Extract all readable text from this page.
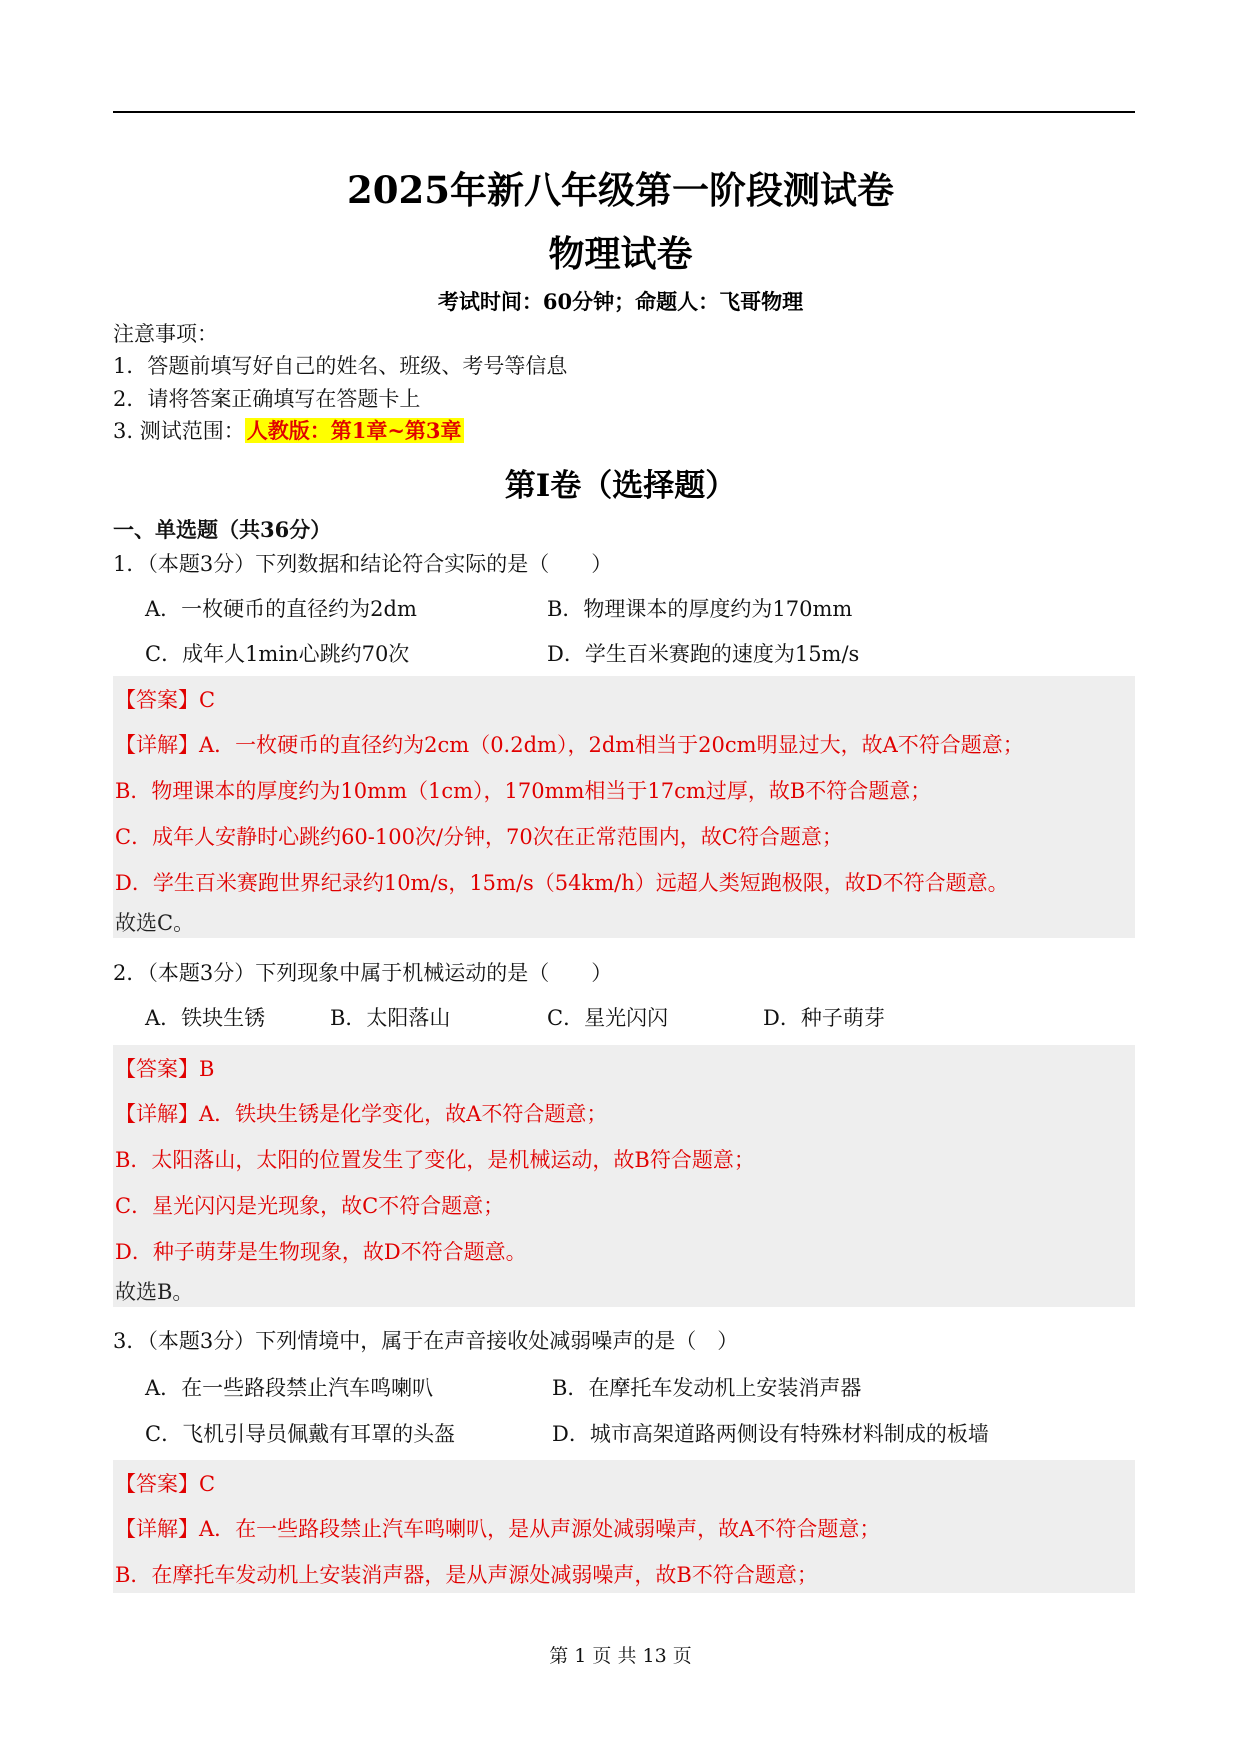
2025年新八年级第一阶段测试卷
物理试卷
考试时间：60分钟；命题人：飞哥物理
注意事项：
1．答题前填写好自己的姓名、班级、考号等信息
2．请将答案正确填写在答题卡上
3. 测试范围：人教版：第1章~第3章
第Ⅰ卷（选择题）
一、单选题（共36分）
1．（本题3分）下列数据和结论符合实际的是（　　）
A．一枚硬币的直径约为2dm	B．物理课本的厚度约为170mm
C．成年人1min心跳约70次	D．学生百米赛跑的速度为15m/s
【答案】C
【详解】A．一枚硬币的直径约为2cm（0.2dm），2dm相当于20cm明显过大，故A不符合题意；
B．物理课本的厚度约为10mm（1cm），170mm相当于17cm过厚，故B不符合题意；
C．成年人安静时心跳约60-100次/分钟，70次在正常范围内，故C符合题意；
D．学生百米赛跑世界纪录约10m/s，15m/s（54km/h）远超人类短跑极限，故D不符合题意。
故选C。
2．（本题3分）下列现象中属于机械运动的是（　　）
A．铁块生锈	B．太阳落山	C．星光闪闪	D．种子萌芽
【答案】B
【详解】A．铁块生锈是化学变化，故A不符合题意；
B．太阳落山，太阳的位置发生了变化，是机械运动，故B符合题意；
C．星光闪闪是光现象，故C不符合题意；
D．种子萌芽是生物现象，故D不符合题意。
故选B。
3．（本题3分）下列情境中，属于在声音接收处减弱噪声的是（　）
A．在一些路段禁止汽车鸣喇叭	B．在摩托车发动机上安装消声器
C．飞机引导员佩戴有耳罩的头盔	D．城市高架道路两侧设有特殊材料制成的板墙
【答案】C
【详解】A．在一些路段禁止汽车鸣喇叭，是从声源处减弱噪声，故A不符合题意；
B．在摩托车发动机上安装消声器，是从声源处减弱噪声，故B不符合题意；
第 1 页 共 13 页
